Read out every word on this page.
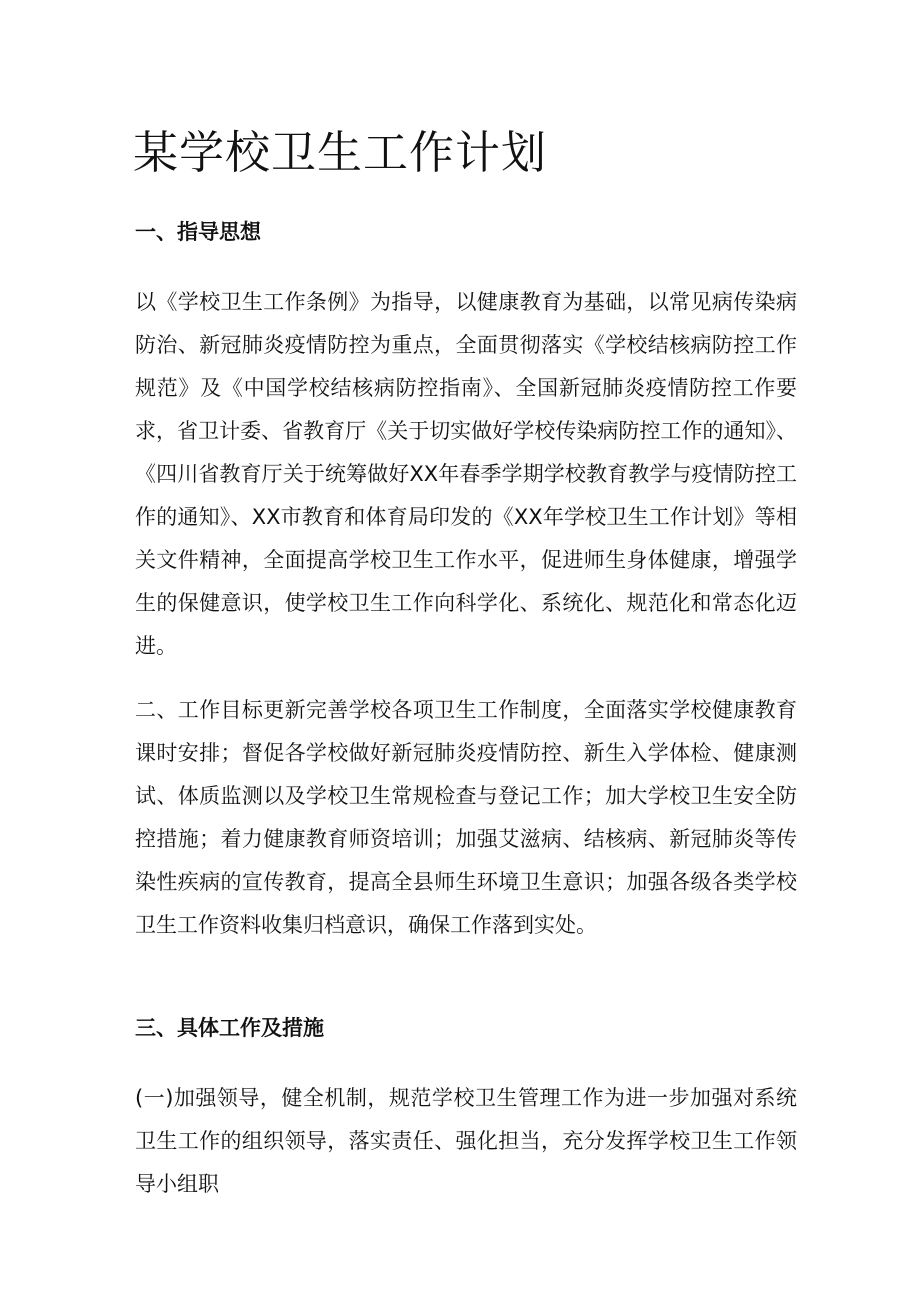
某学校卫生工作计划
一、指导思想

以《学校卫生工作条例》为指导，以健康教育为基础，以常见病传染病防治、新冠肺炎疫情防控为重点，全面贯彻落实《学校结核病防控工作规范》及《中国学校结核病防控指南》、全国新冠肺炎疫情防控工作要求，省卫计委、省教育厅《关于切实做好学校传染病防控工作的通知》、《四川省教育厅关于统筹做好XX年春季学期学校教育教学与疫情防控工作的通知》、XX市教育和体育局印发的《XX年学校卫生工作计划》等相关文件精神，全面提高学校卫生工作水平，促进师生身体健康，增强学生的保健意识，使学校卫生工作向科学化、系统化、规范化和常态化迈进。

二、工作目标更新完善学校各项卫生工作制度，全面落实学校健康教育课时安排；督促各学校做好新冠肺炎疫情防控、新生入学体检、健康测试、体质监测以及学校卫生常规检查与登记工作；加大学校卫生安全防控措施；着力健康教育师资培训；加强艾滋病、结核病、新冠肺炎等传染性疾病的宣传教育，提高全县师生环境卫生意识；加强各级各类学校卫生工作资料收集归档意识，确保工作落到实处。

三、具体工作及措施

(一)加强领导，健全机制，规范学校卫生管理工作为进一步加强对系统卫生工作的组织领导，落实责任、强化担当，充分发挥学校卫生工作领导小组职
